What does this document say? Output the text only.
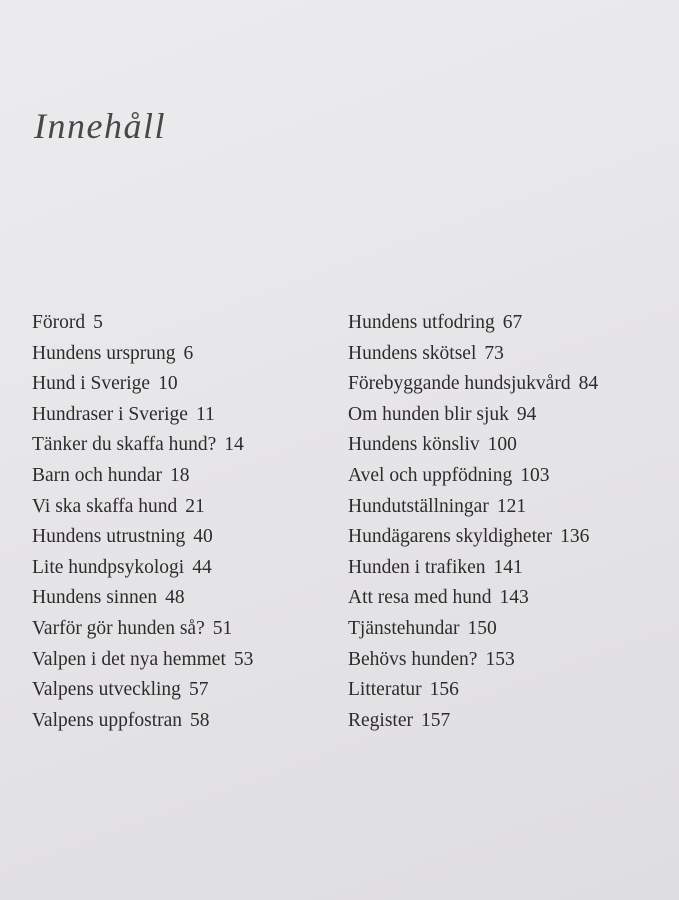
Innehåll
Förord 5
Hundens ursprung 6
Hund i Sverige 10
Hundraser i Sverige 11
Tänker du skaffa hund? 14
Barn och hundar 18
Vi ska skaffa hund 21
Hundens utrustning 40
Lite hundpsykologi 44
Hundens sinnen 48
Varför gör hunden så? 51
Valpen i det nya hemmet 53
Valpens utveckling 57
Valpens uppfostran 58
Hundens utfodring 67
Hundens skötsel 73
Förebyggande hundsjukvård 84
Om hunden blir sjuk 94
Hundens könsliv 100
Avel och uppfödning 103
Hundutställningar 121
Hundägarens skyldigheter 136
Hunden i trafiken 141
Att resa med hund 143
Tjänstehundar 150
Behövs hunden? 153
Litteratur 156
Register 157
